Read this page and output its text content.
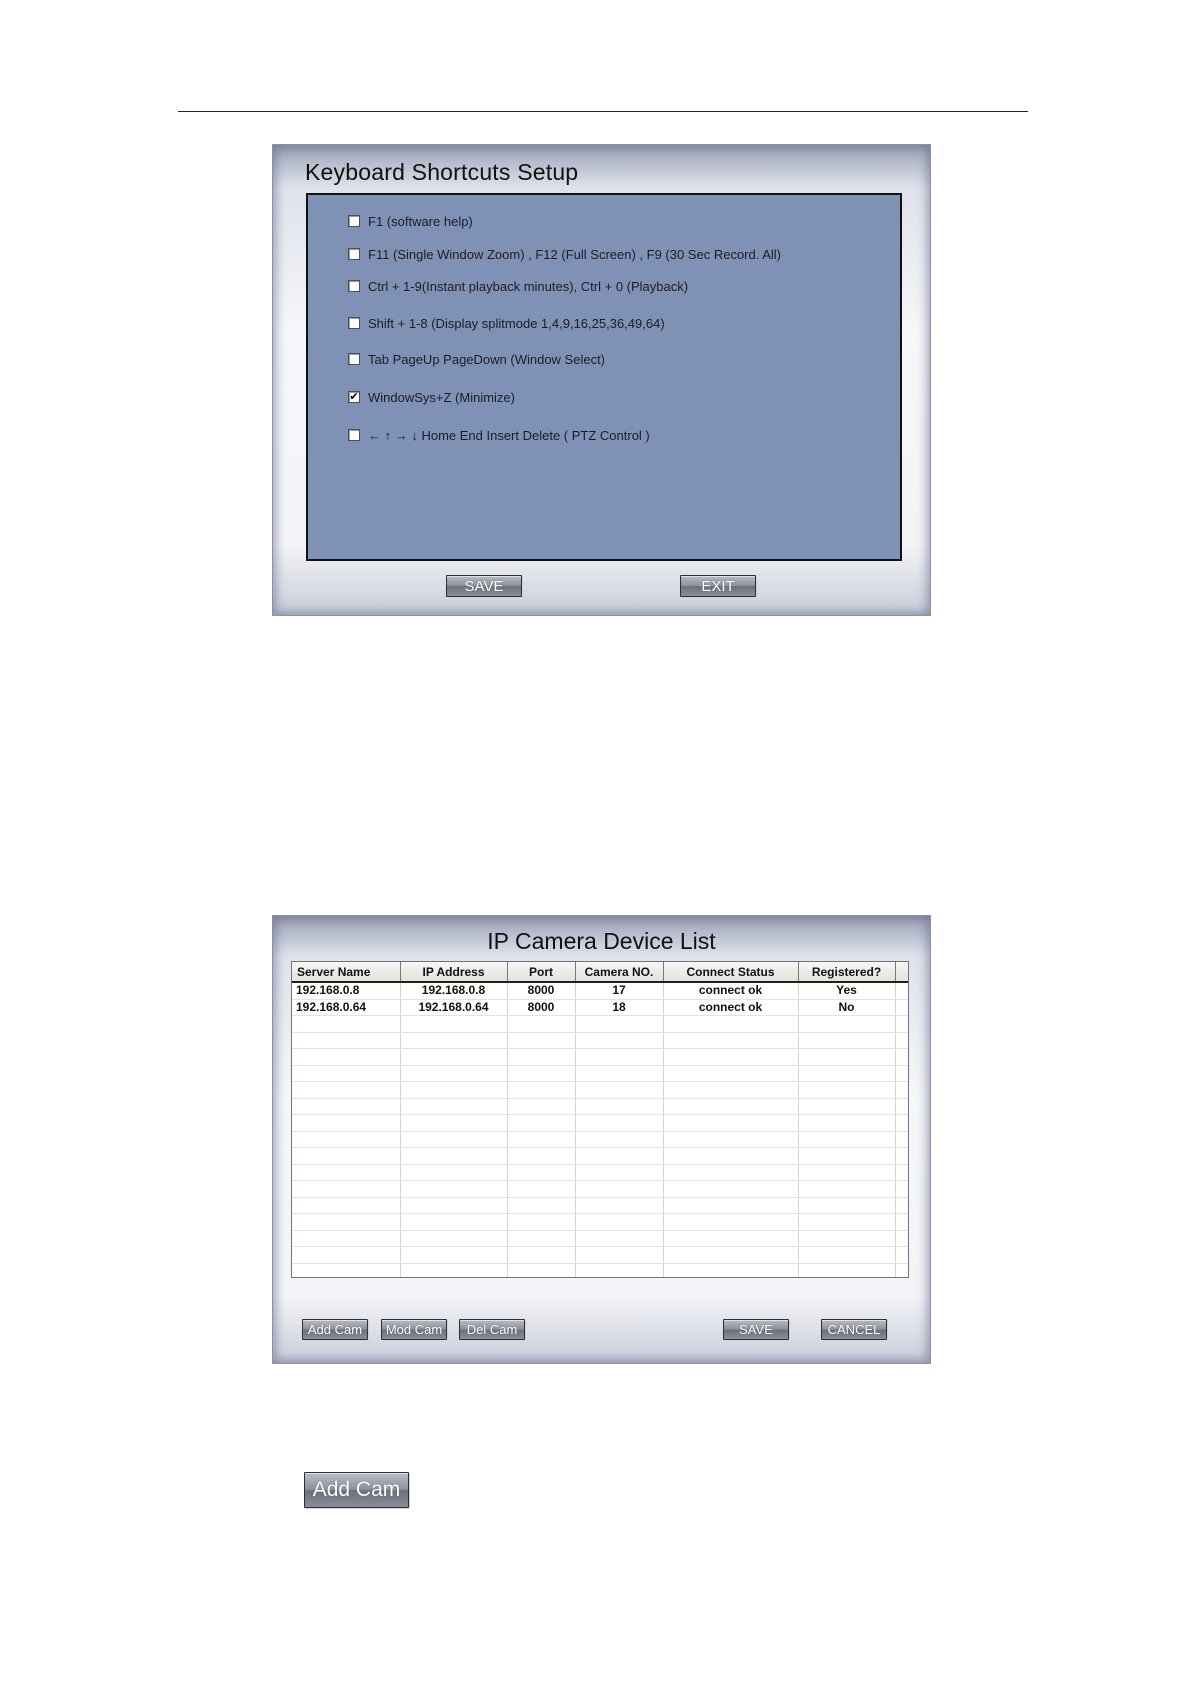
Keyboard Shortcuts Setup
F1 (software help)
F11 (Single Window Zoom) , F12 (Full Screen) , F9 (30 Sec Record. All)
Ctrl + 1-9(Instant playback minutes), Ctrl + 0 (Playback)
Shift + 1-8 (Display splitmode 1,4,9,16,25,36,49,64)
Tab PageUp PageDown (Window Select)
✔ WindowSys+Z (Minimize)
← ↑ → ↓ Home End Insert Delete ( PTZ Control )
SAVE	EXIT
IP Camera Device List
Server Name	IP Address	Port	Camera NO.	Connect Status	Registered?	
192.168.0.8	192.168.0.8	8000	17	connect ok	Yes	
192.168.0.64	192.168.0.64	8000	18	connect ok	No	

Add Cam	Mod Cam	Del Cam	SAVE	CANCEL
Add Cam
